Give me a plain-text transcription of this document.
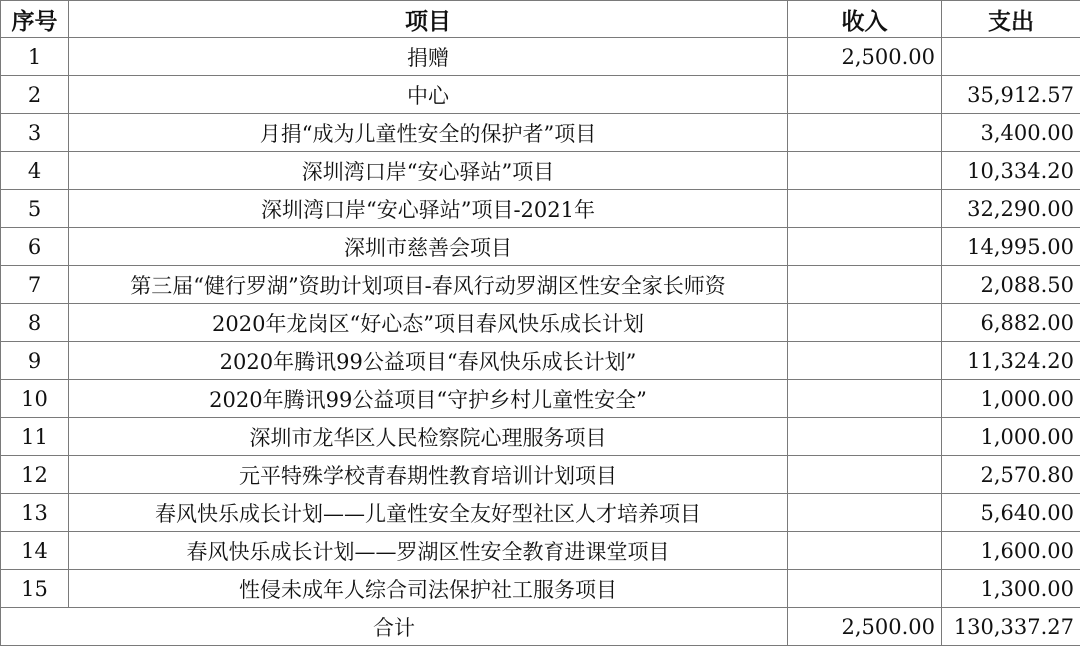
序号	项目	收入	支出
1	捐赠	2,500.00	
2	中心		35,912.57
3	月捐“成为儿童性安全的保护者”项目		3,400.00
4	深圳湾口岸“安心驿站”项目		10,334.20
5	深圳湾口岸“安心驿站”项目-2021年		32,290.00
6	深圳市慈善会项目		14,995.00
7	第三届“健行罗湖”资助计划项目-春风行动罗湖区性安全家长师资		2,088.50
8	2020年龙岗区“好心态”项目春风快乐成长计划		6,882.00
9	2020年腾讯99公益项目“春风快乐成长计划”		11,324.20
10	2020年腾讯99公益项目“守护乡村儿童性安全”		1,000.00
11	深圳市龙华区人民检察院心理服务项目		1,000.00
12	元平特殊学校青春期性教育培训计划项目		2,570.80
13	春风快乐成长计划——儿童性安全友好型社区人才培养项目		5,640.00
14	春风快乐成长计划——罗湖区性安全教育进课堂项目		1,600.00
15	性侵未成年人综合司法保护社工服务项目		1,300.00
合计		2,500.00	130,337.27
